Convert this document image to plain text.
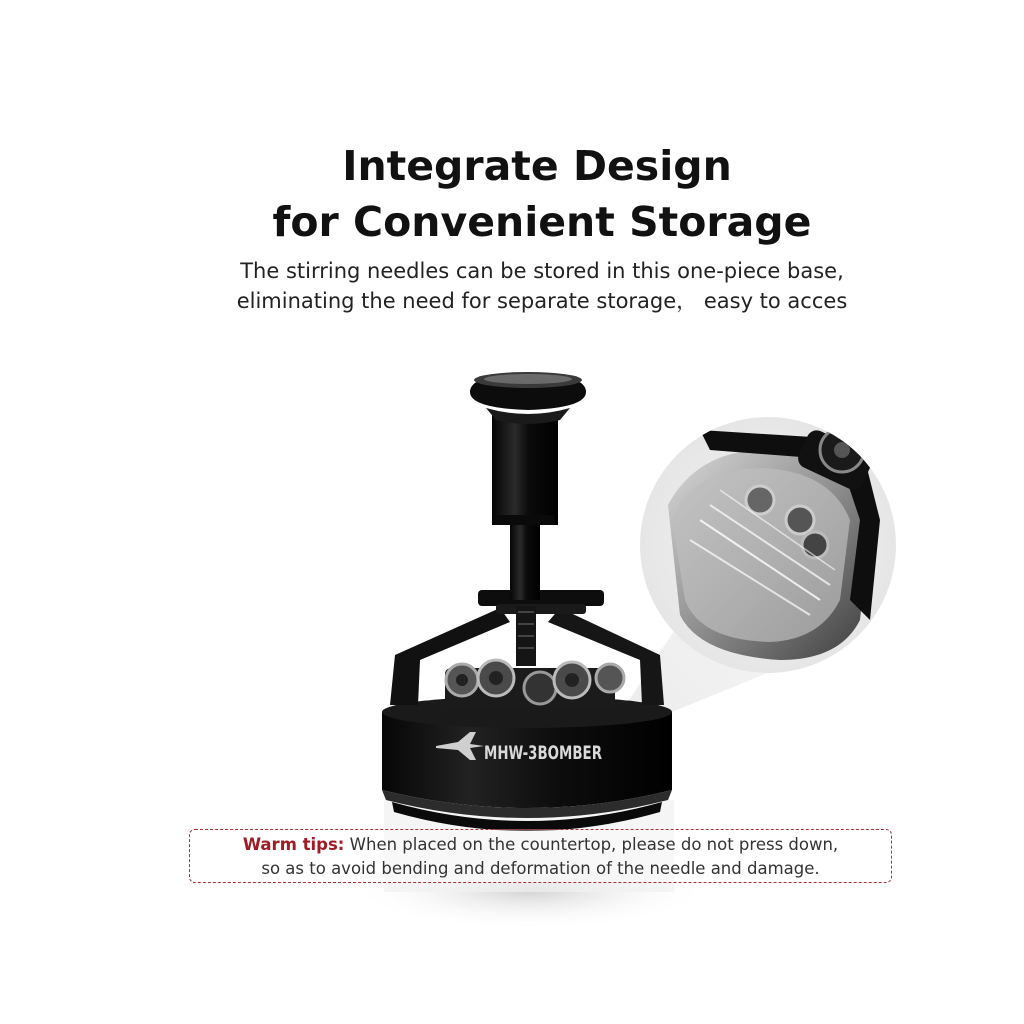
Integrate Design
for Convenient Storage
The stirring needles can be stored in this one-piece base,
eliminating the need for separate storage， easy to acces
MHW-3BOMBER
Warm tips: When placed on the countertop, please do not press down,
so as to avoid bending and deformation of the needle and damage.
